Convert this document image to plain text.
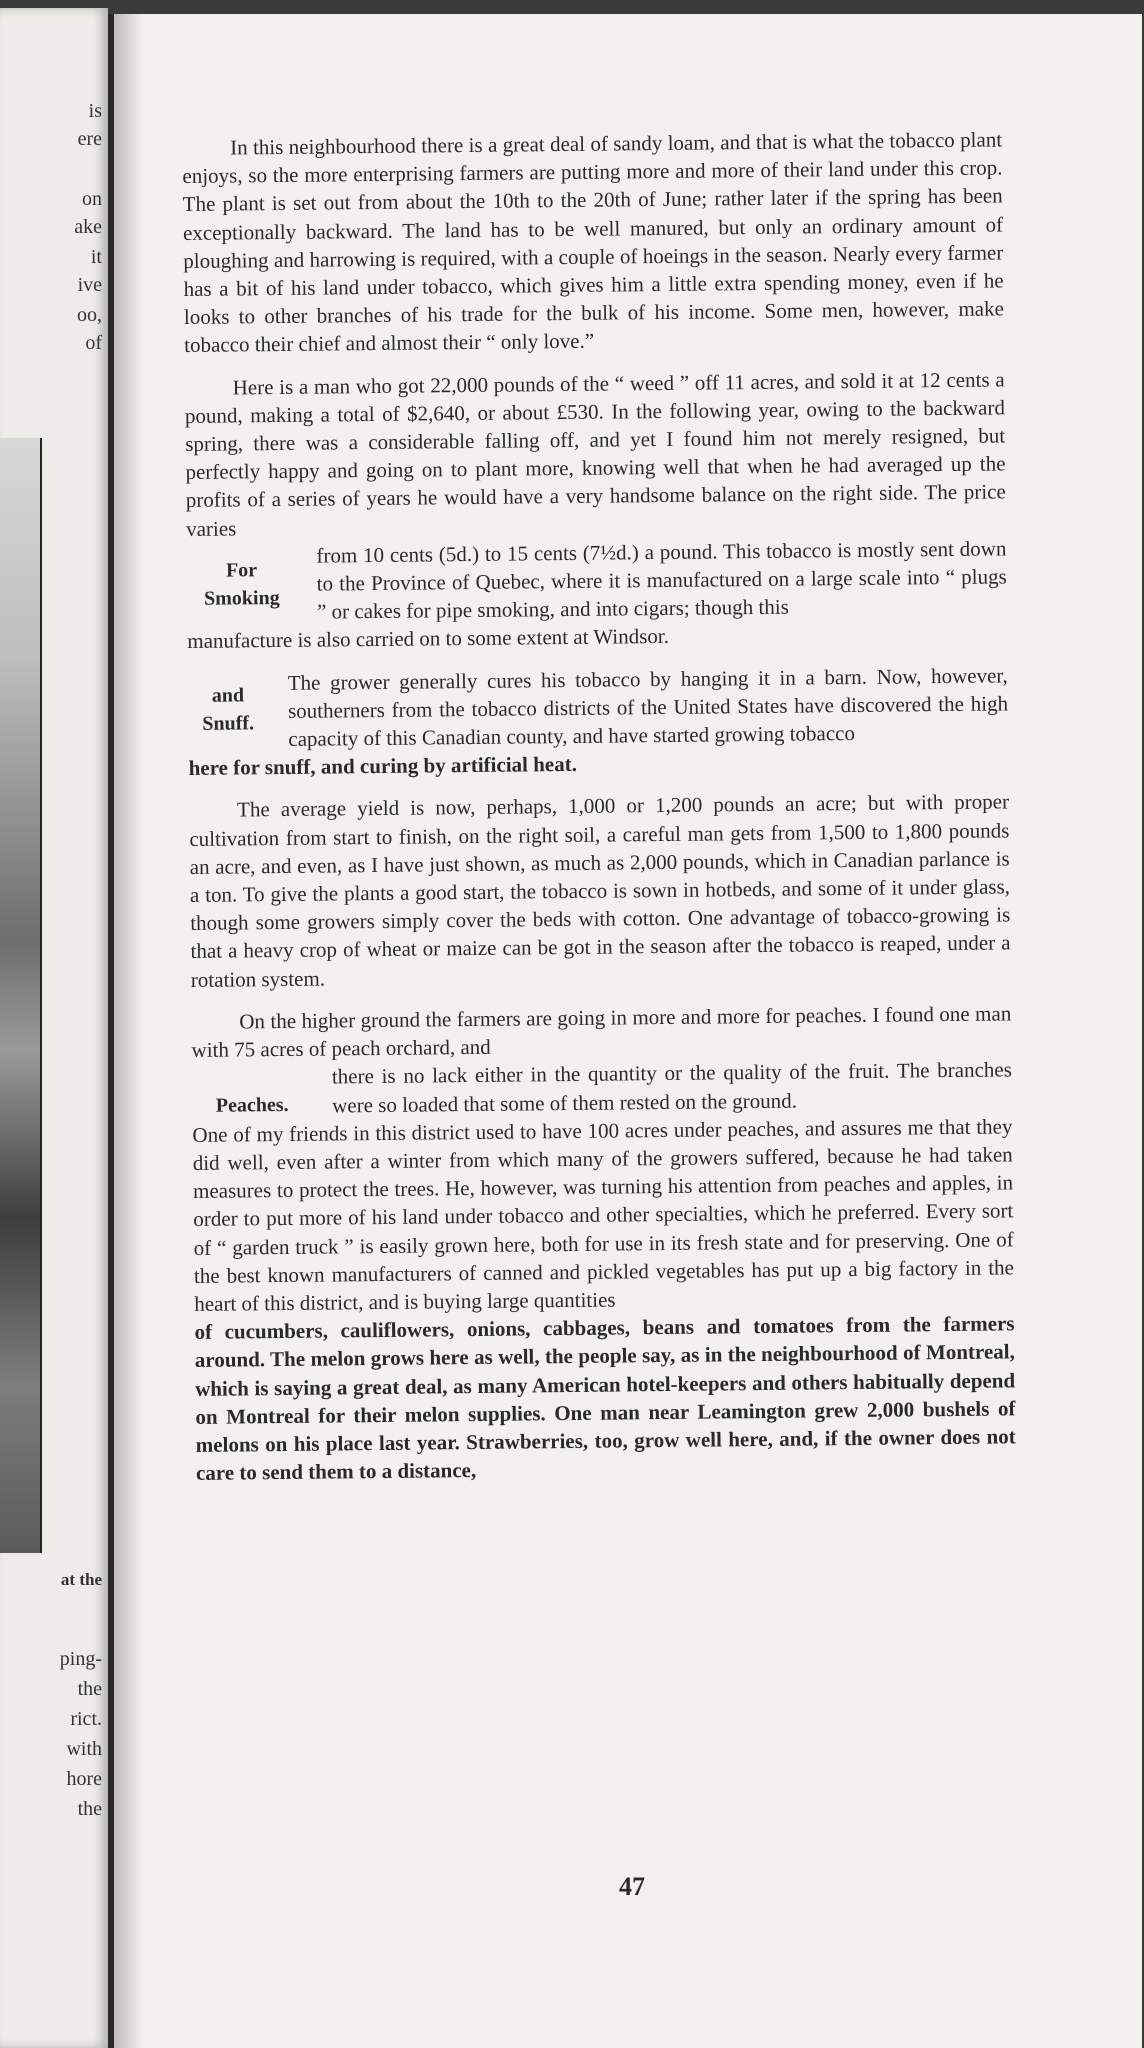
is
ere
on
ake
it
ive
oo,
of
at the
ping-
the
rict.
with
hore
the

In this neighbourhood there is a great deal of sandy loam, and that is what the tobacco plant enjoys, so the more enterprising farmers are putting more and more of their land under this crop. The plant is set out from about the 10th to the 20th of June; rather later if the spring has been exceptionally backward. The land has to be well manured, but only an ordinary amount of ploughing and harrowing is required, with a couple of hoeings in the season. Nearly every farmer has a bit of his land under tobacco, which gives him a little extra spending money, even if he looks to other branches of his trade for the bulk of his income. Some men, however, make tobacco their chief and almost their “ only love.”

Here is a man who got 22,000 pounds of the “ weed ” off 11 acres, and sold it at 12 cents a pound, making a total of $2,640, or about £530. In the following year, owing to the backward spring, there was a considerable falling off, and yet I found him not merely resigned, but perfectly happy and going on to plant more, knowing well that when he had averaged up the profits of a series of years he would have a very handsome balance on the right side. The price varies

For Smoking

from 10 cents (5d.) to 15 cents (7½d.) a pound. This tobacco is mostly sent down to the Province of Quebec, where it is manufactured on a large scale into “ plugs ” or cakes for pipe smoking, and into cigars; though this

manufacture is also carried on to some extent at Windsor.

and Snuff.

The grower generally cures his tobacco by hanging it in a barn. Now, however, southerners from the tobacco districts of the United States have discovered the high capacity of this Canadian county, and have started growing tobacco

here for snuff, and curing by artificial heat.

The average yield is now, perhaps, 1,000 or 1,200 pounds an acre; but with proper cultivation from start to finish, on the right soil, a careful man gets from 1,500 to 1,800 pounds an acre, and even, as I have just shown, as much as 2,000 pounds, which in Canadian parlance is a ton. To give the plants a good start, the tobacco is sown in hotbeds, and some of it under glass, though some growers simply cover the beds with cotton. One advantage of tobacco-growing is that a heavy crop of wheat or maize can be got in the season after the tobacco is reaped, under a rotation system.

On the higher ground the farmers are going in more and more for peaches. I found one man with 75 acres of peach orchard, and

Peaches.

there is no lack either in the quantity or the quality of the fruit. The branches were so loaded that some of them rested on the ground.

One of my friends in this district used to have 100 acres under peaches, and assures me that they did well, even after a winter from which many of the growers suffered, because he had taken measures to protect the trees. He, however, was turning his attention from peaches and apples, in order to put more of his land under tobacco and other specialties, which he preferred. Every sort of “ garden truck ” is easily grown here, both for use in its fresh state and for preserving. One of the best known manufacturers of canned and pickled vegetables has put up a big factory in the heart of this district, and is buying large quantities

of cucumbers, cauliflowers, onions, cabbages, beans and tomatoes from the farmers around. The melon grows here as well, the people say, as in the neighbourhood of Montreal, which is saying a great deal, as many American hotel-keepers and others habitually depend on Montreal for their melon supplies. One man near Leamington grew 2,000 bushels of melons on his place last year. Strawberries, too, grow well here, and, if the owner does not care to send them to a distance,

47
